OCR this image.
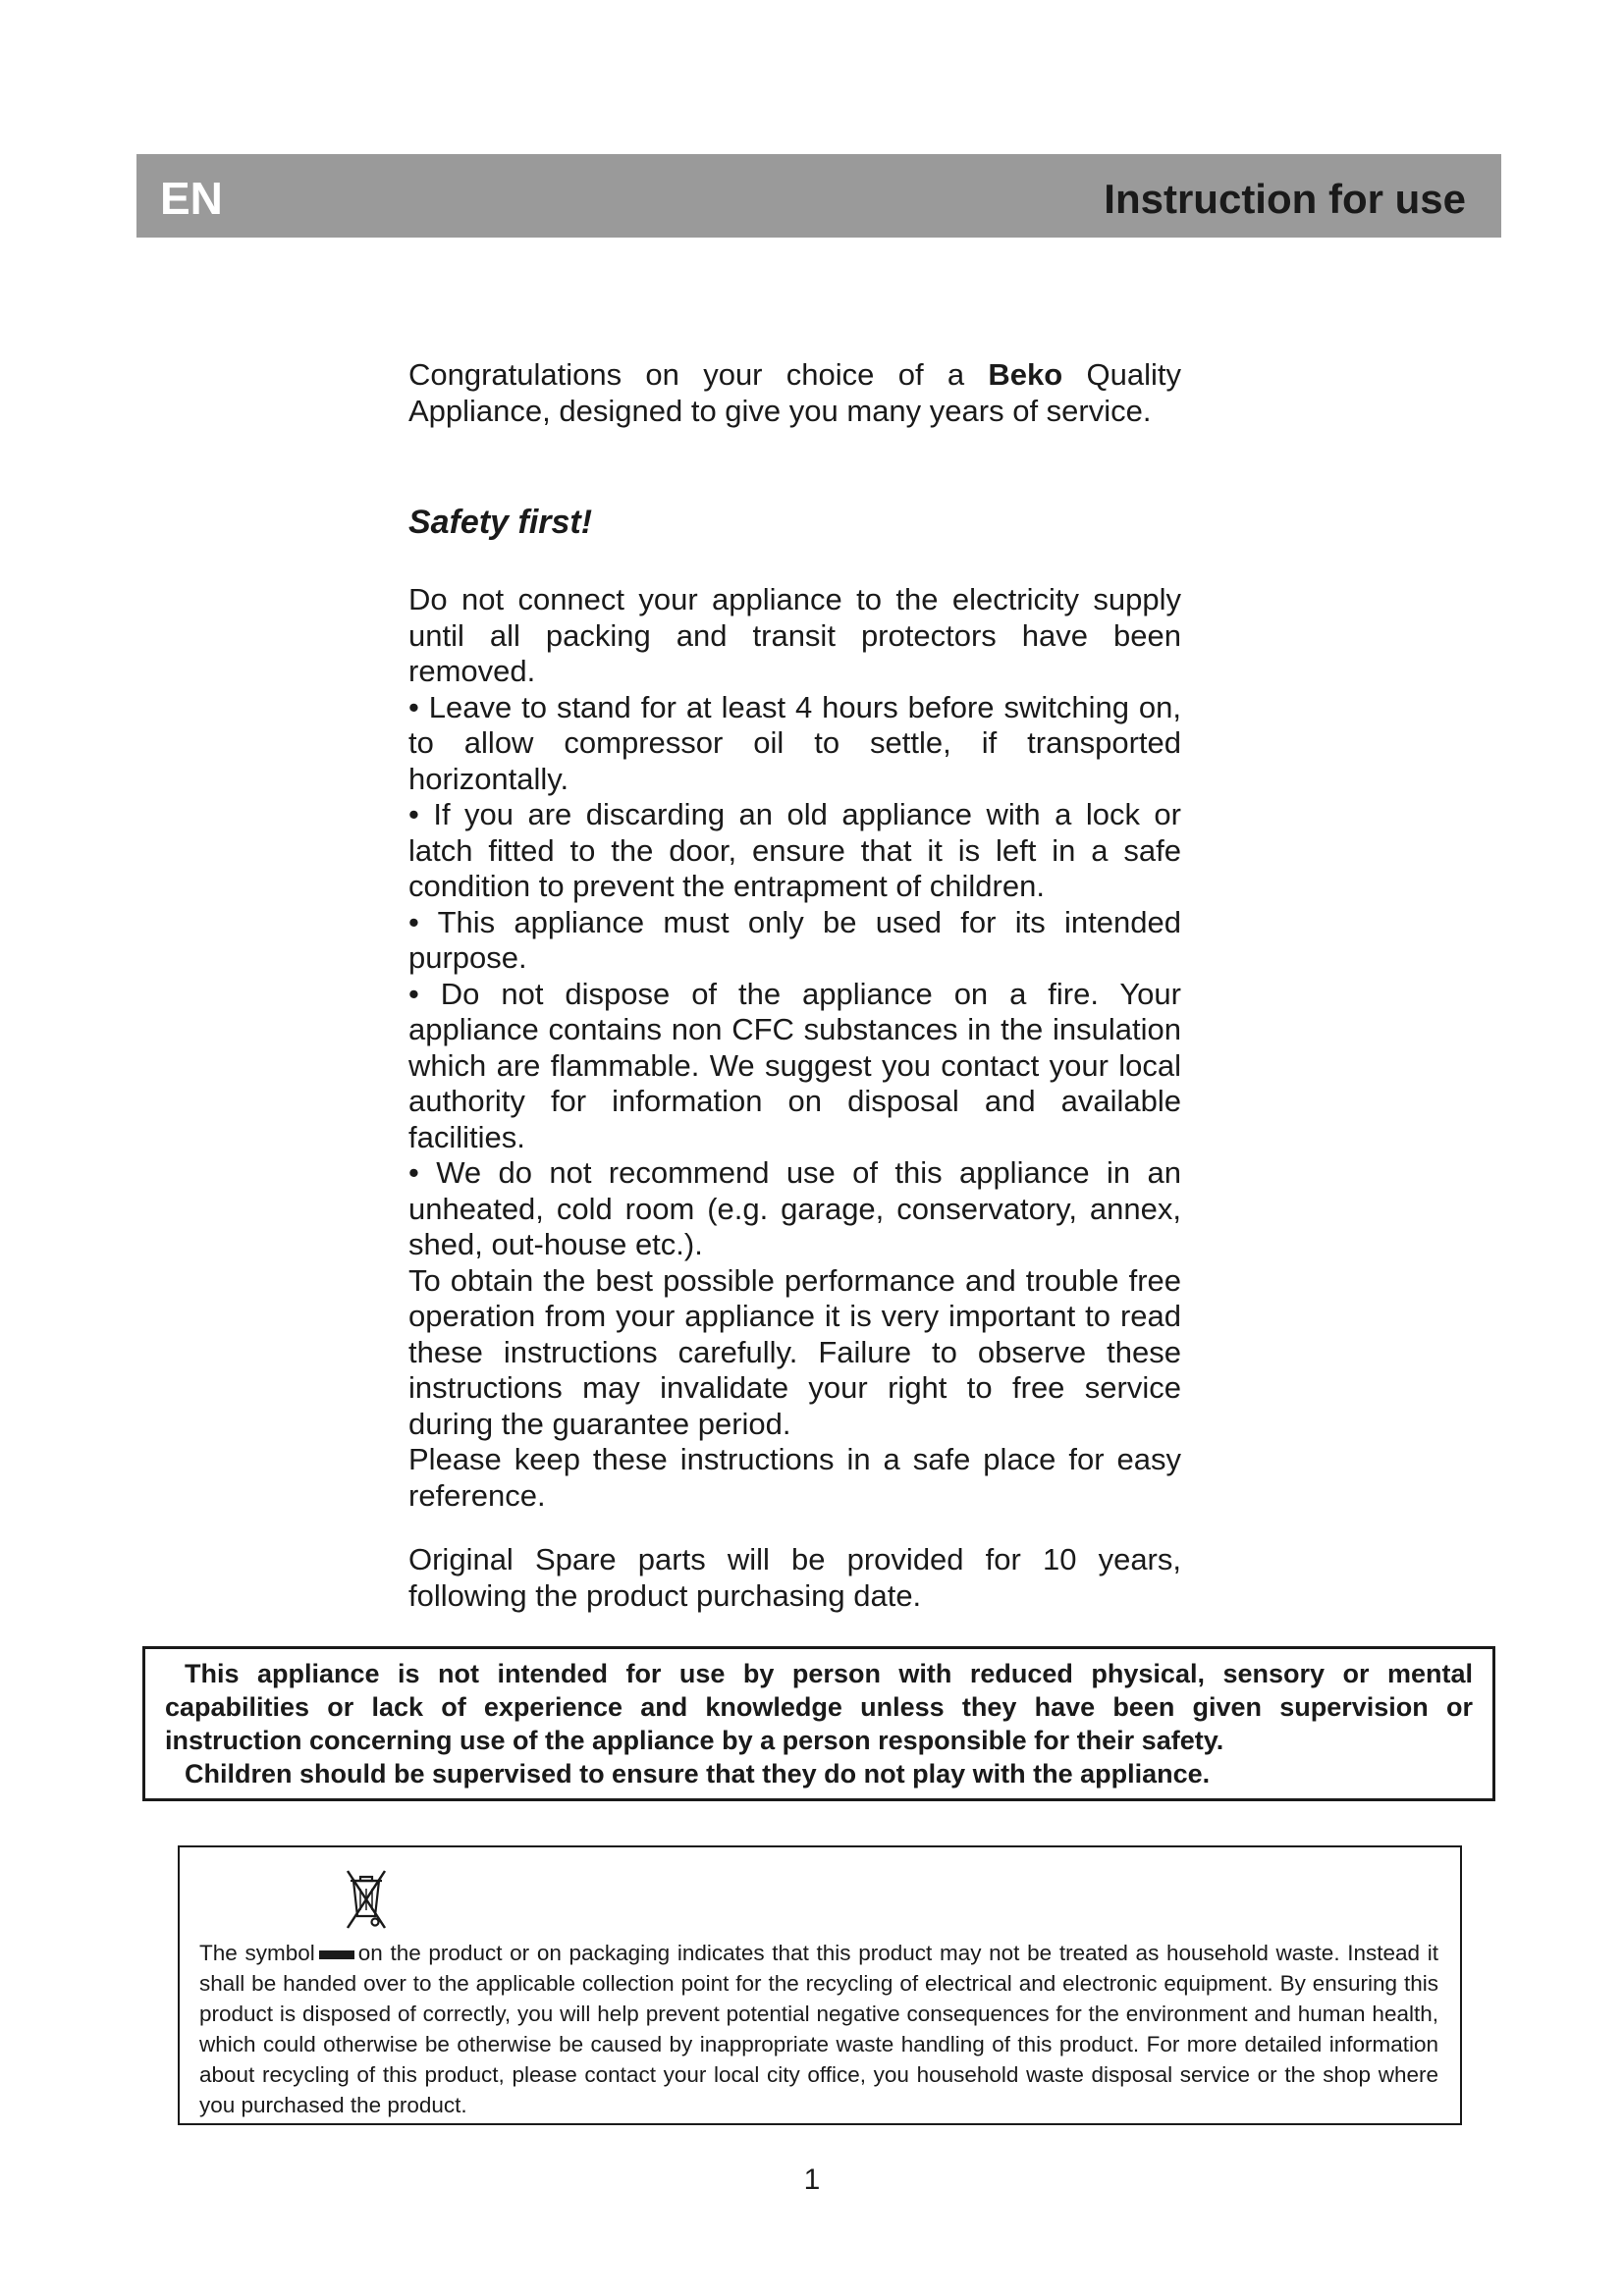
EN	Instruction for use
Congratulations on your choice of a Beko Quality Appliance, designed to give you many years of service.
Safety first!

Do not connect your appliance to the electricity supply until all packing and transit protectors have been removed.

• Leave to stand for at least 4 hours before switching on, to allow compressor oil to settle, if transported horizontally.

• If you are discarding an old appliance with a lock or latch fitted to the door, ensure that it is left in a safe condition to prevent the entrapment of children.

• This appliance must only be used for its intended purpose.

• Do not dispose of the appliance on a fire. Your appliance contains non CFC substances in the insulation which are flammable. We suggest you contact your local authority for information on disposal and available facilities.

• We do not recommend use of this appliance in an unheated, cold room (e.g. garage, conservatory, annex, shed, out-house etc.).

To obtain the best possible performance and trouble free operation from your appliance it is very important to read these instructions carefully. Failure to observe these instructions may invalidate your right to free service during the guarantee period.

Please keep these instructions in a safe place for easy reference.

Original Spare parts will be provided for 10 years, following the product purchasing date.

This appliance is not intended for use by person with reduced physical, sensory or mental capabilities or lack of experience and knowledge unless they have been given supervision or instruction concerning use of the appliance by a person responsible for their safety.

Children should be supervised to ensure that they do not play with the appliance.

The symbol on the product or on packaging indicates that this product may not be treated as household waste. Instead it shall be handed over to the applicable collection point for the recycling of electrical and electronic equipment. By ensuring this product is disposed of correctly, you will help prevent potential negative consequences for the environment and human health, which could otherwise be otherwise be caused by inappropriate waste handling of this product. For more detailed information about recycling of this product, please contact your local city office, you household waste disposal service or the shop where you purchased the product.

1
